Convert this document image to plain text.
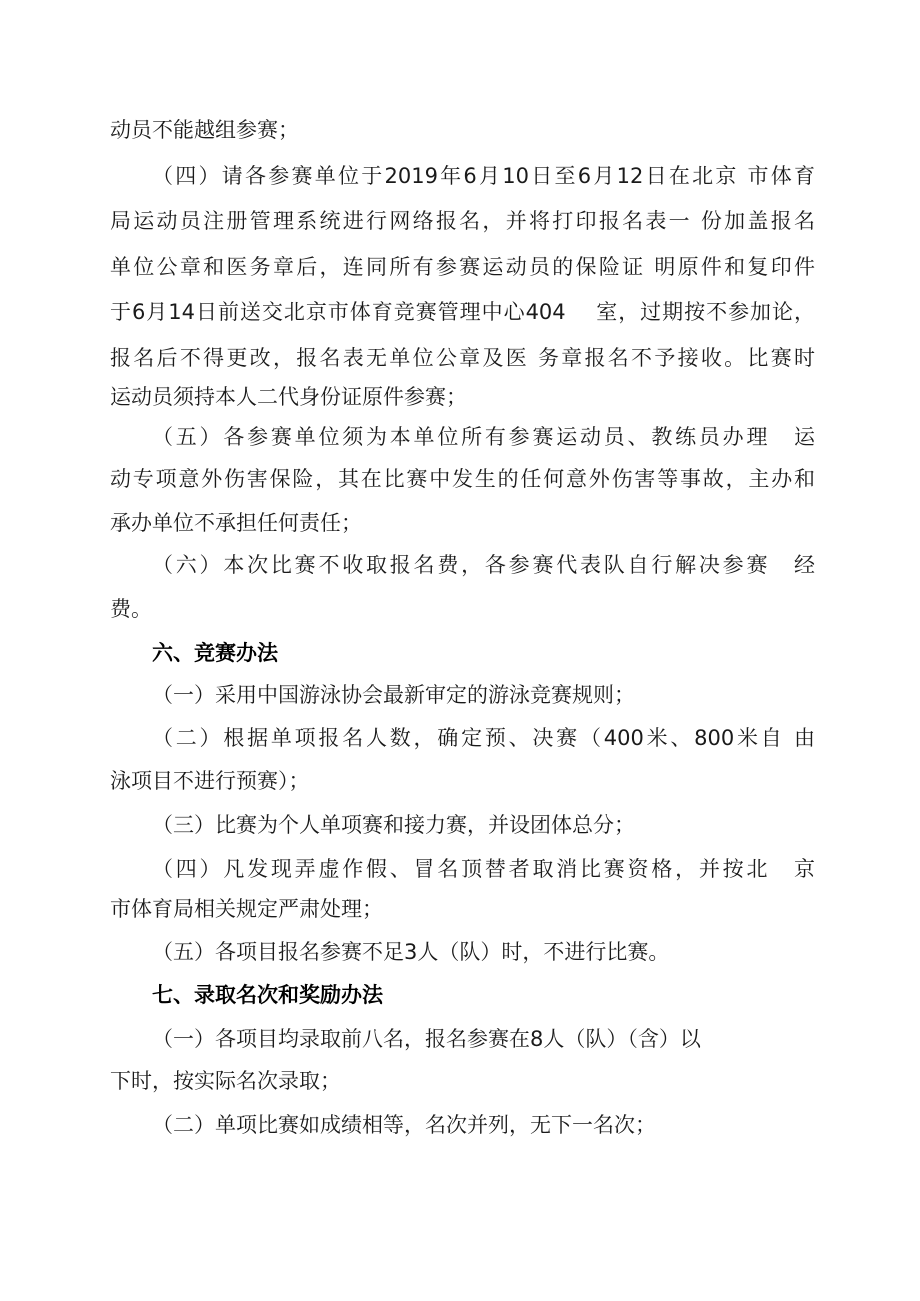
动员不能越组参赛；
（四）请各参赛单位于2019年6月10日至6月12日在北京 市体育
局运动员注册管理系统进行网络报名，并将打印报名表一 份加盖报名
单位公章和医务章后，连同所有参赛运动员的保险证 明原件和复印件
于6月14日前送交北京市体育竞赛管理中心404　 室，过期按不参加论，
报名后不得更改，报名表无单位公章及医 务章报名不予接收。比赛时
运动员须持本人二代身份证原件参赛；
（五）各参赛单位须为本单位所有参赛运动员、教练员办理　运
动专项意外伤害保险，其在比赛中发生的任何意外伤害等事故，主办和
承办单位不承担任何责任；
（六）本次比赛不收取报名费，各参赛代表队自行解决参赛　经
费。
六、竞赛办法
（一）采用中国游泳协会最新审定的游泳竞赛规则；
（二）根据单项报名人数，确定预、决赛（400米、800米自 由
泳项目不进行预赛）；
（三）比赛为个人单项赛和接力赛，并设团体总分；
（四）凡发现弄虚作假、冒名顶替者取消比赛资格，并按北　京
市体育局相关规定严肃处理；
（五）各项目报名参赛不足3人（队）时，不进行比赛。
七、录取名次和奖励办法
（一）各项目均录取前八名，报名参赛在8人（队）（含）以
下时，按实际名次录取；
（二）单项比赛如成绩相等，名次并列，无下一名次；
